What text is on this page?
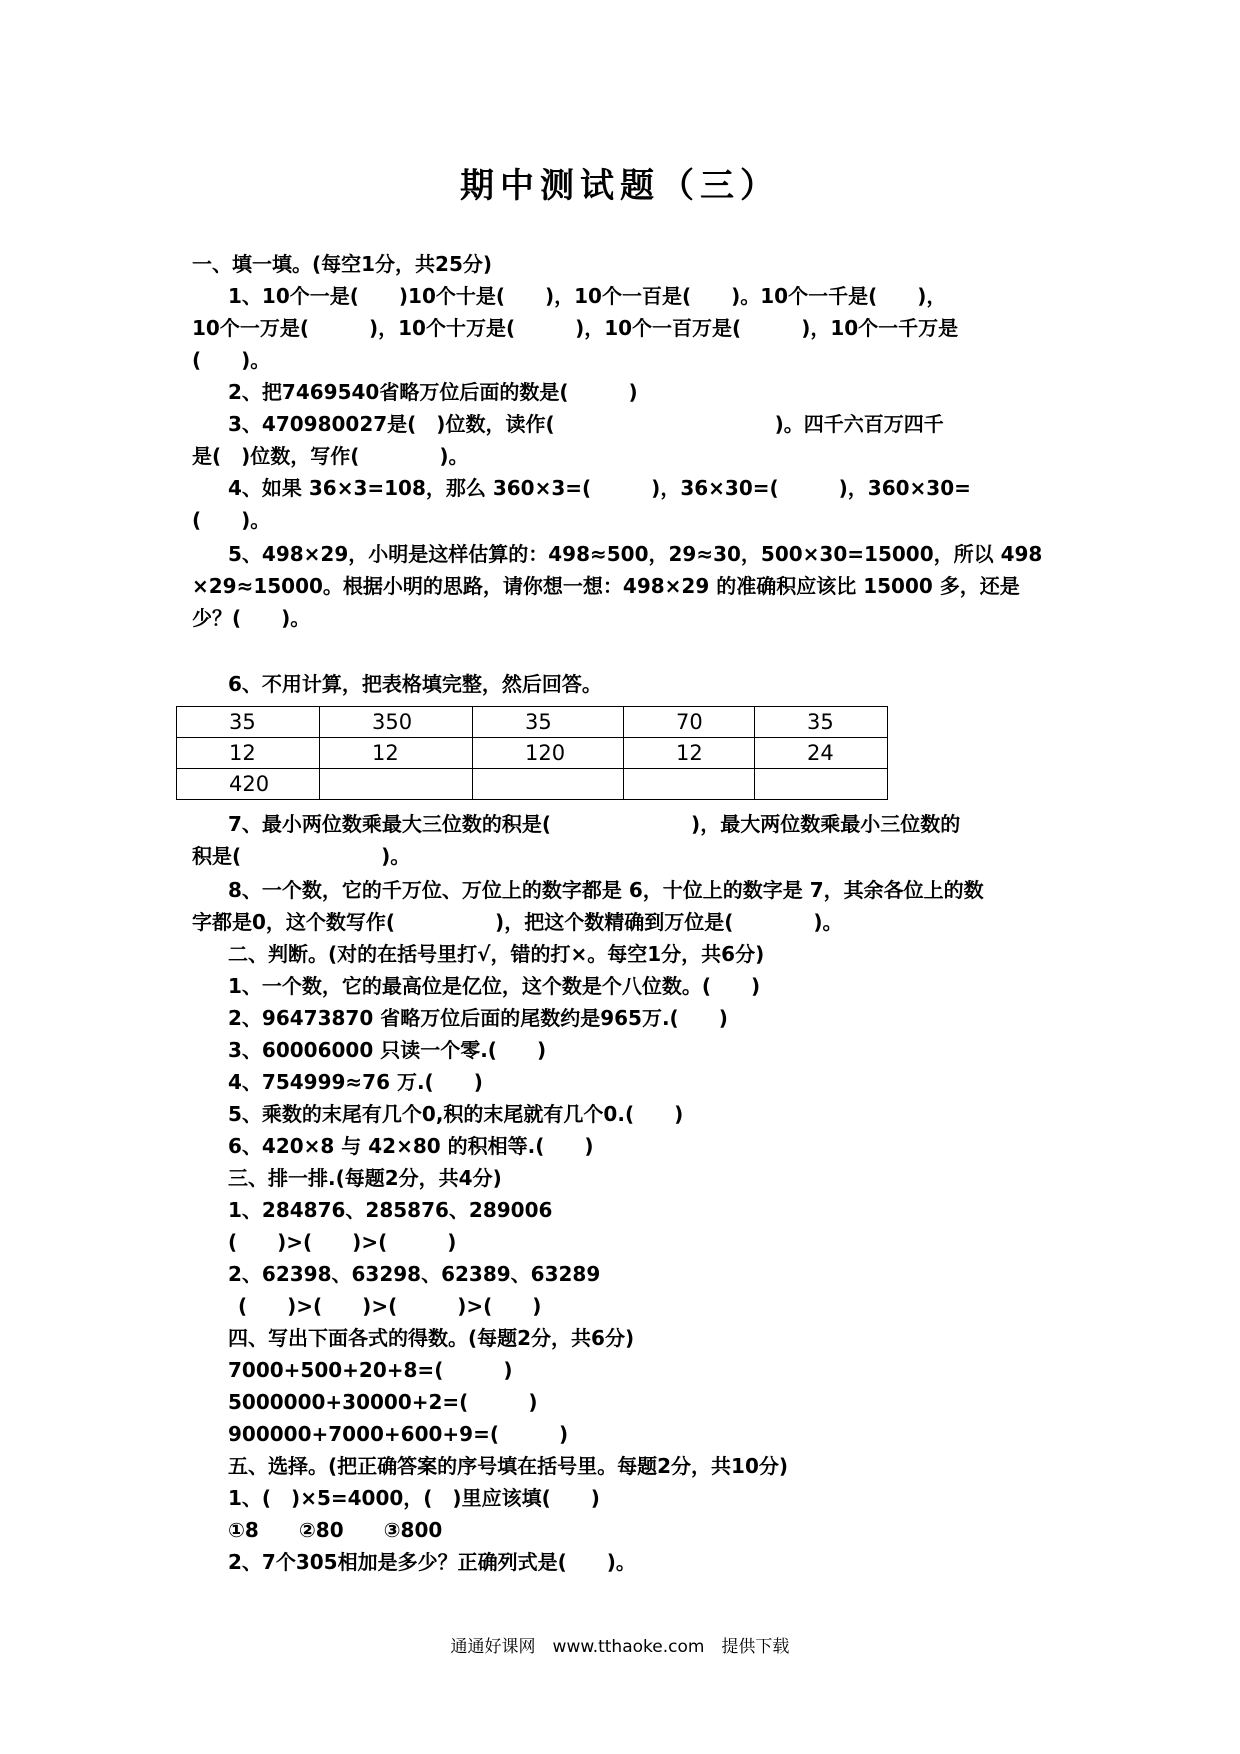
期中测试题（三）
一、填一填。(每空1分，共25分)
1、10个一是(　　)10个十是(　　)，10个一百是(　　)。10个一千是(　　)，
10个一万是(　　　)，10个十万是(　　　)，10个一百万是(　　　)，10个一千万是
(　　)。
2、把7469540省略万位后面的数是(　　　)
3、470980027是(　)位数，读作(　　　　　　　　　　　)。四千六百万四千
是(　)位数，写作(　　　　)。
4、如果 36×3=108，那么 360×3=(　　　)，36×30=(　　　)，360×30=
(　　)。
5、498×29，小明是这样估算的：498≈500，29≈30，500×30=15000，所以 498
×29≈15000。根据小明的思路，请你想一想：498×29 的准确积应该比 15000 多，还是
少？(　　)。
6、不用计算，把表格填完整，然后回答。
35	350	35	70	35
12	12	120	12	24
420				
7、最小两位数乘最大三位数的积是(　　　　　　　)，最大两位数乘最小三位数的
积是(　　　　　　　)。
8、一个数，它的千万位、万位上的数字都是 6，十位上的数字是 7，其余各位上的数
字都是0，这个数写作(　　　　　)，把这个数精确到万位是(　　　　)。
二、判断。(对的在括号里打√，错的打×。每空1分，共6分)
1、一个数，它的最高位是亿位，这个数是个八位数。(　　)
2、96473870 省略万位后面的尾数约是965万.(　　)
3、60006000 只读一个零.(　　)
4、754999≈76 万.(　　)
5、乘数的末尾有几个0,积的末尾就有几个0.(　　)
6、420×8 与 42×80 的积相等.(　　)
三、排一排.(每题2分，共4分)
1、284876、285876、289006
(　　)>(　　)>(　　　)
2、62398、63298、62389、63289
(　　)>(　　)>(　　　)>(　　)
四、写出下面各式的得数。(每题2分，共6分)
7000+500+20+8=(　　　)
5000000+30000+2=(　　　)
900000+7000+600+9=(　　　)
五、选择。(把正确答案的序号填在括号里。每题2分，共10分)
1、(　)×5=4000，(　)里应该填(　　)
①8　　②80　　③800
2、7个305相加是多少？正确列式是(　　)。
通通好课网　www.tthaoke.com　提供下载
